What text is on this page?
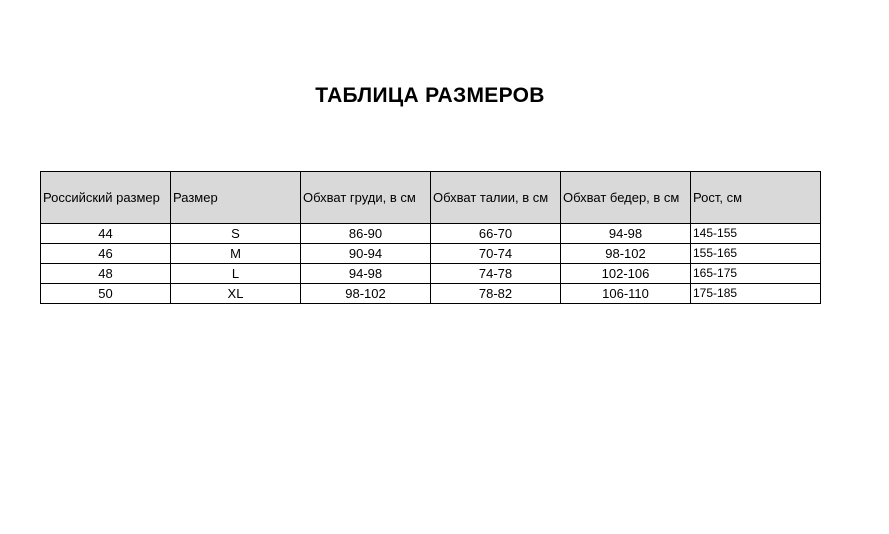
ТАБЛИЦА РАЗМЕРОВ
Российский размер	Размер	Обхват груди, в см	Обхват талии, в см	Обхват бедер, в см	Рост, см
44	S	86-90	66-70	94-98	145-155
46	M	90-94	70-74	98-102	155-165
48	L	94-98	74-78	102-106	165-175
50	XL	98-102	78-82	106-110	175-185
